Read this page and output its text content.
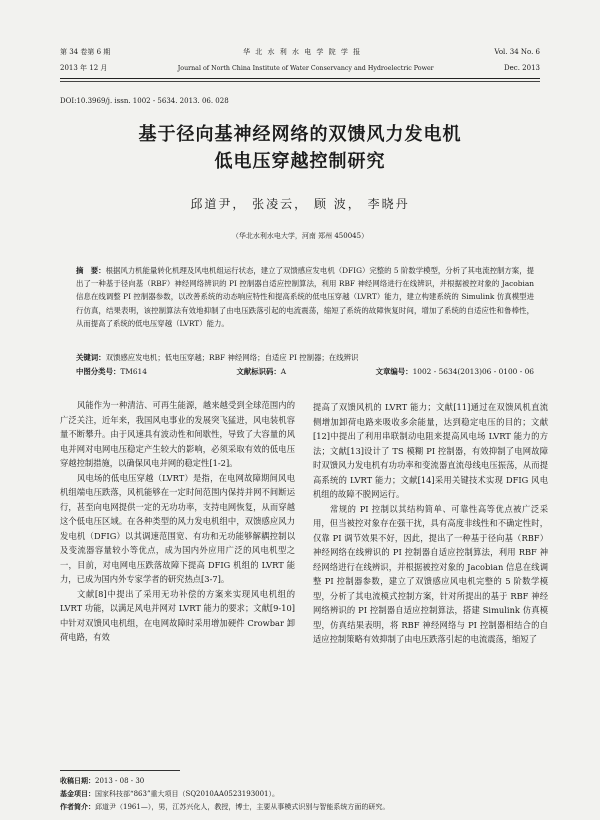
第 34 卷第 6 期	华 北 水 利 水 电 学 院 学 报	Vol. 34 No. 6
2013 年 12 月	Journal of North China Institute of Water Conservancy and Hydroelectric Power	Dec. 2013
DOI:10.3969/j. issn. 1002 - 5634. 2013. 06. 028
基于径向基神经网络的双馈风力发电机
低电压穿越控制研究
邱道尹， 张凌云， 顾 波， 李晓丹
（华北水利水电大学，河南 郑州 450045）
摘　要：根据风力机能量转化机理及风电机组运行状态，建立了双馈感应发电机（DFIG）完整的 5 阶数学模型，分析了其电流控制方案，提出了一种基于径向基（RBF）神经网络辨识的 PI 控制器自适应控制算法，利用 RBF 神经网络进行在线辨识，并根据被控对象的 Jacobian 信息在线调整 PI 控制器参数，以改善系统的动态响应特性和提高系统的低电压穿越（LVRT）能力，建立构建系统的 Simulink 仿真模型进行仿真，结果表明，该控制算法有效地抑制了由电压跌落引起的电流震荡，缩短了系统的故障恢复时间，增加了系统的自适应性和鲁棒性，从而提高了系统的低电压穿越（LVRT）能力。
关键词：双馈感应发电机；低电压穿越；RBF 神经网络；自适应 PI 控制器；在线辨识
中图分类号：TM614	文献标识码：A	文章编号：1002 - 5634(2013)06 - 0100 - 06

风能作为一种清洁、可再生能源，越来越受到全球范围内的广泛关注，近年来，我国风电事业的发展突飞猛进，风电装机容量不断攀升。由于风速具有波动性和间歇性，导致了大容量的风电并网对电网电压稳定产生较大的影响，必须采取有效的低电压穿越控制措施，以确保风电并网的稳定性[1-2]。

风电场的低电压穿越（LVRT）是指，在电网故障期间风电机组端电压跌落，风机能够在一定时间范围内保持并网不间断运行，甚至向电网提供一定的无功功率，支持电网恢复，从而穿越这个低电压区域。在各种类型的风力发电机组中，双馈感应风力发电机（DFIG）以其调速范围宽、有功和无功能够解耦控制以及变流器容量较小等优点，成为国内外应用广泛的风电机型之一，目前，对电网电压跌落故障下提高 DFIG 机组的 LVRT 能力，已成为国内外专家学者的研究热点[3-7]。

文献[8]中提出了采用无功补偿的方案来实现风电机组的 LVRT 功能，以满足风电并网对 LVRT 能力的要求；文献[9-10]中针对双馈风电机组，在电网故障时采用增加硬件 Crowbar 卸荷电路，有效

提高了双馈风机的 LVRT 能力；文献[11]通过在双馈风机直流侧增加卸荷电路来吸收多余能量，达到稳定电压的目的；文献[12]中提出了利用串联制动电阻来提高风电场 LVRT 能力的方法；文献[13]设计了 TS 模糊 PI 控制器，有效抑制了电网故障时双馈风力发电机有功功率和变流器直流母线电压振荡，从而提高系统的 LVRT 能力；文献[14]采用关键技术实现 DFIG 风电机组的故障不脱网运行。

常规的 PI 控制以其结构简单、可靠性高等优点被广泛采用，但当被控对象存在强干扰，具有高度非线性和不确定性时，仅靠 PI 调节效果不好，因此，提出了一种基于径向基（RBF）神经网络在线辨识的 PI 控制器自适应控制算法，利用 RBF 神经网络进行在线辨识，并根据被控对象的 Jacobian 信息在线调整 PI 控制器参数，建立了双馈感应风电机完整的 5 阶数学模型，分析了其电流模式控制方案，针对所提出的基于 RBF 神经网络辨识的 PI 控制器自适应控制算法，搭建 Simulink 仿真模型，仿真结果表明，将 RBF 神经网络与 PI 控制器相结合的自适应控制策略有效抑制了由电压跌落引起的电流震荡，缩短了

收稿日期：2013 - 08 - 30
基金项目：国家科技部“863”重大项目（SQ2010AA0523193001）。
作者简介：邱道尹（1961—），男，江苏兴化人，教授，博士，主要从事模式识别与智能系统方面的研究。
